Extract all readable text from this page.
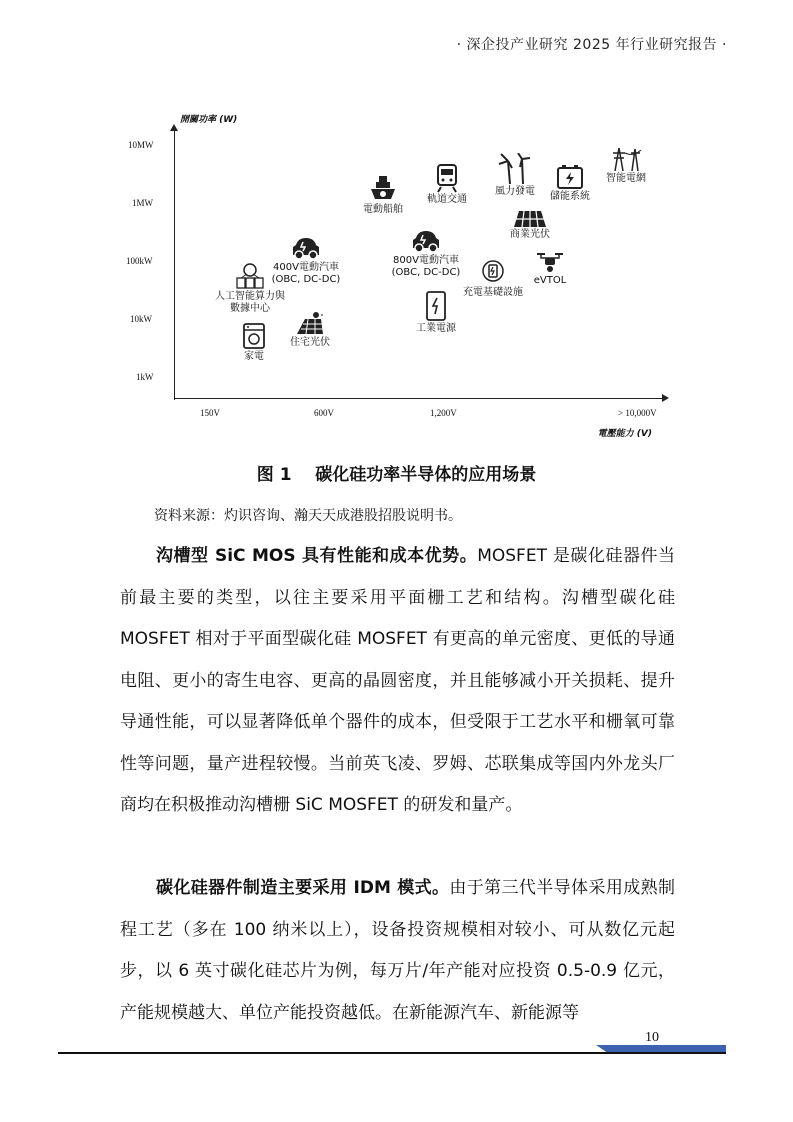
· 深企投产业研究 2025 年行业研究报告 ·
開關功率 (W)
電壓能力 (V)
10MW
1MW
100kW
10kW
1kW
150V	600V	1,200V	> 10,000V
電動船舶
軌道交通
風力發電	儲能系統
智能電網
商業光伏
800V電動汽車
(OBC, DC-DC)
充電基礎設施
eVTOL
工業電源
400V電動汽車
(OBC, DC-DC)
人工智能算力與
數據中心
住宅光伏
家電
图 1    碳化硅功率半导体的应用场景
资料来源：灼识咨询、瀚天天成港股招股说明书。
沟槽型 SiC MOS 具有性能和成本优势。MOSFET 是碳化硅器件当前最主要的类型，以往主要采用平面栅工艺和结构。沟槽型碳化硅 MOSFET 相对于平面型碳化硅 MOSFET 有更高的单元密度、更低的导通电阻、更小的寄生电容、更高的晶圆密度，并且能够减小开关损耗、提升导通性能，可以显著降低单个器件的成本，但受限于工艺水平和栅氧可靠性等问题，量产进程较慢。当前英飞凌、罗姆、芯联集成等国内外龙头厂商均在积极推动沟槽栅 SiC MOSFET 的研发和量产。
碳化硅器件制造主要采用 IDM 模式。由于第三代半导体采用成熟制程工艺（多在 100 纳米以上），设备投资规模相对较小、可从数亿元起步，以 6 英寸碳化硅芯片为例，每万片/年产能对应投资 0.5-0.9 亿元，产能规模越大、单位产能投资越低。在新能源汽车、新能源等
10
